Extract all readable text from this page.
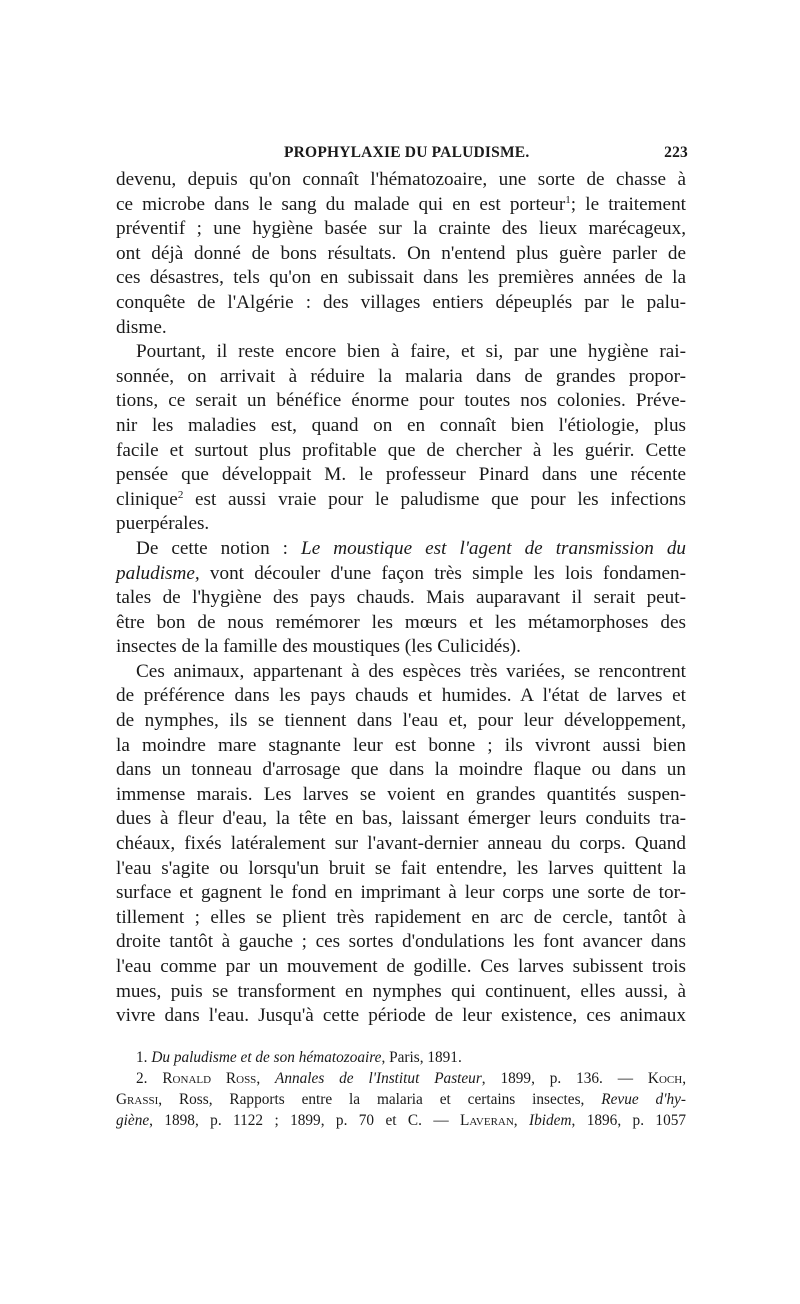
PROPHYLAXIE DU PALUDISME.	223
devenu, depuis qu'on connaît l'hématozoaire, une sorte de chasse à
ce microbe dans le sang du malade qui en est porteur$^1$; le traitement
préventif ; une hygiène basée sur la crainte des lieux marécageux,
ont déjà donné de bons résultats. On n'entend plus guère parler de
ces désastres, tels qu'on en subissait dans les premières années de la
conquête de l'Algérie : des villages entiers dépeuplés par le palu-
disme.
Pourtant, il reste encore bien à faire, et si, par une hygiène rai-
sonnée, on arrivait à réduire la malaria dans de grandes propor-
tions, ce serait un bénéfice énorme pour toutes nos colonies. Préve-
nir les maladies est, quand on en connaît bien l'étiologie, plus
facile et surtout plus profitable que de chercher à les guérir. Cette
pensée que développait M. le professeur Pinard dans une récente
clinique$^2$ est aussi vraie pour le paludisme que pour les infections
puerpérales.
De cette notion : Le moustique est l'agent de transmission du
paludisme, vont découler d'une façon très simple les lois fondamen-
tales de l'hygiène des pays chauds. Mais auparavant il serait peut-
être bon de nous remémorer les mœurs et les métamorphoses des
insectes de la famille des moustiques (les Culicidés).
Ces animaux, appartenant à des espèces très variées, se rencontrent
de préférence dans les pays chauds et humides. A l'état de larves et
de nymphes, ils se tiennent dans l'eau et, pour leur développement,
la moindre mare stagnante leur est bonne ; ils vivront aussi bien
dans un tonneau d'arrosage que dans la moindre flaque ou dans un
immense marais. Les larves se voient en grandes quantités suspen-
dues à fleur d'eau, la tête en bas, laissant émerger leurs conduits tra-
chéaux, fixés latéralement sur l'avant-dernier anneau du corps. Quand
l'eau s'agite ou lorsqu'un bruit se fait entendre, les larves quittent la
surface et gagnent le fond en imprimant à leur corps une sorte de tor-
tillement ; elles se plient très rapidement en arc de cercle, tantôt à
droite tantôt à gauche ; ces sortes d'ondulations les font avancer dans
l'eau comme par un mouvement de godille. Ces larves subissent trois
mues, puis se transforment en nymphes qui continuent, elles aussi, à
vivre dans l'eau. Jusqu'à cette période de leur existence, ces animaux
1. Du paludisme et de son hématozoaire, Paris, 1891.
2. Ronald Ross, Annales de l'Institut Pasteur, 1899, p. 136. — Koch,
Grassi, Ross, Rapports entre la malaria et certains insectes, Revue d'hy-
giène, 1898, p. 1122 ; 1899, p. 70 et C. — Laveran, Ibidem, 1896, p. 1057
